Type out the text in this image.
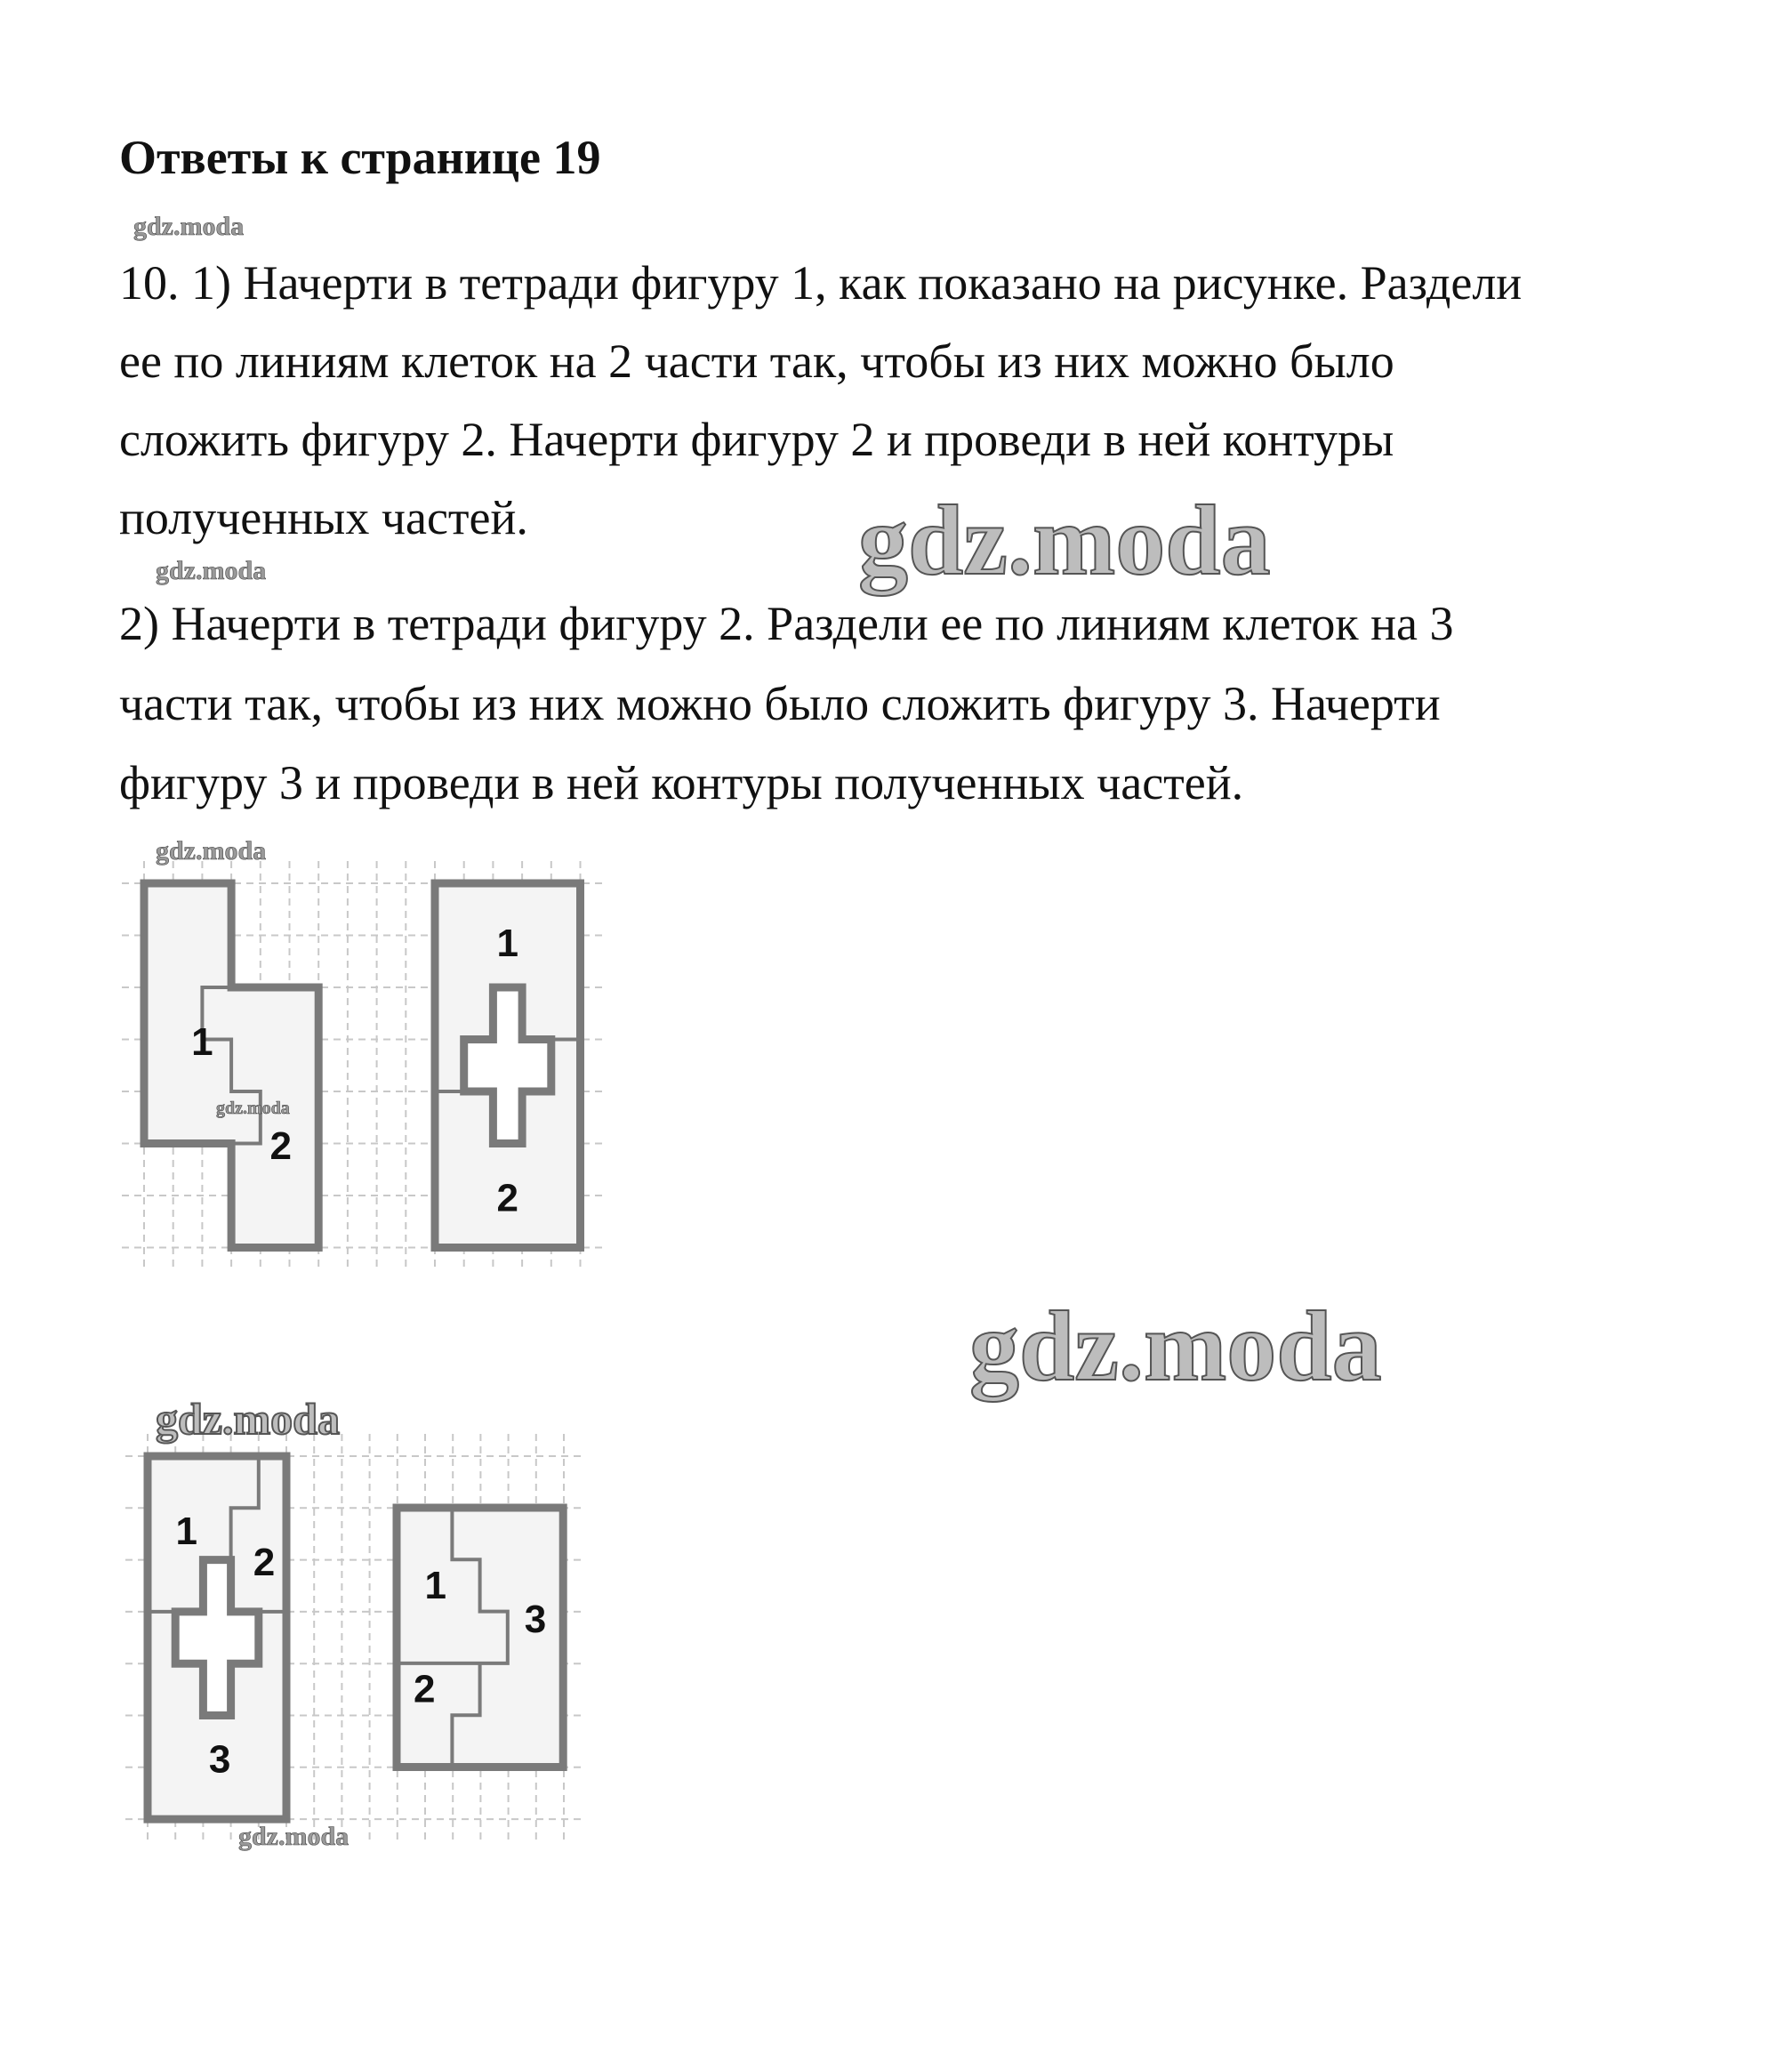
Ответы к странице 19
10. 1) Начерти в тетради фигуру 1, как показано на рисунке. Раздели
ее по линиям клеток на 2 части так, чтобы из них можно было
сложить фигуру 2. Начерти фигуру 2 и проведи в ней контуры
полученных частей.
2) Начерти в тетради фигуру 2. Раздели ее по линиям клеток на 3
части так, чтобы из них можно было сложить фигуру 3. Начерти
фигуру 3 и проведи в ней контуры полученных частей.
1
2
1
2
1
2
3
1
2
3
gdz.moda
gdz.moda	gdz.moda
gdz.moda
gdz.moda
gdz.moda
gdz.moda
gdz.moda
